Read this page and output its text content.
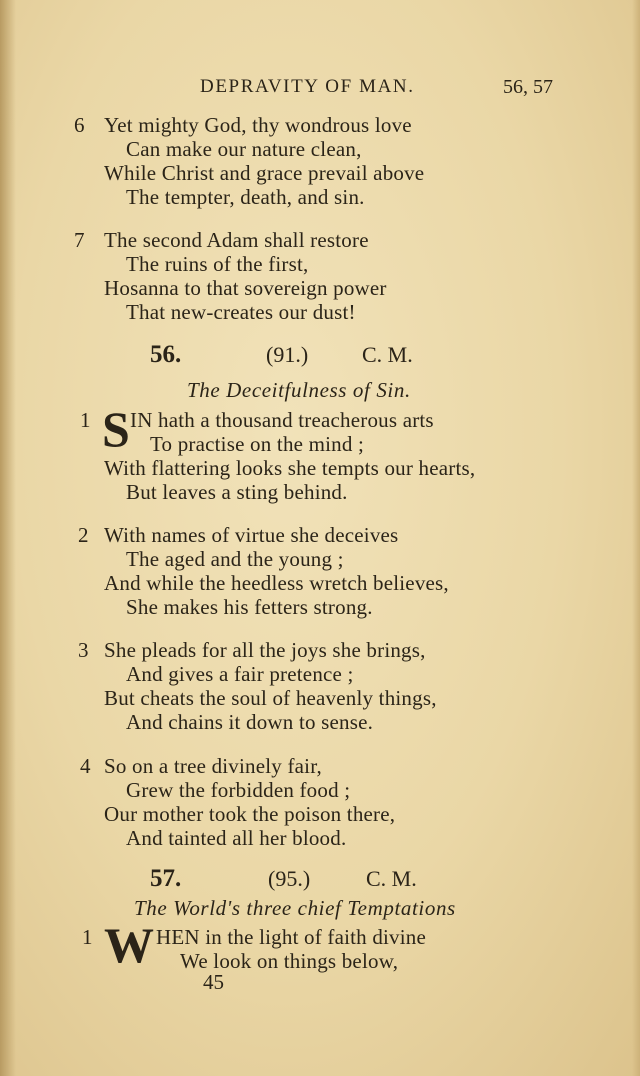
DEPRAVITY OF MAN.	56, 57
6 Yet mighty God, thy wondrous love
Can make our nature clean,
While Christ and grace prevail above
The tempter, death, and sin.
7 The second Adam shall restore
The ruins of the first,
Hosanna to that sovereign power
That new-creates our dust!
56.	(91.) C. M.
The Deceitfulness of Sin.
1 S IN hath a thousand treacherous arts
To practise on the mind ;
With flattering looks she tempts our hearts,
But leaves a sting behind.
2 With names of virtue she deceives
The aged and the young ;
And while the heedless wretch believes,
She makes his fetters strong.
3 She pleads for all the joys she brings,
And gives a fair pretence ;
But cheats the soul of heavenly things,
And chains it down to sense.
4 So on a tree divinely fair,
Grew the forbidden food ;
Our mother took the poison there,
And tainted all her blood.
57.	(95.)	C. M.
The World's three chief Temptations
1 W HEN in the light of faith divine
We look on things below,
45
